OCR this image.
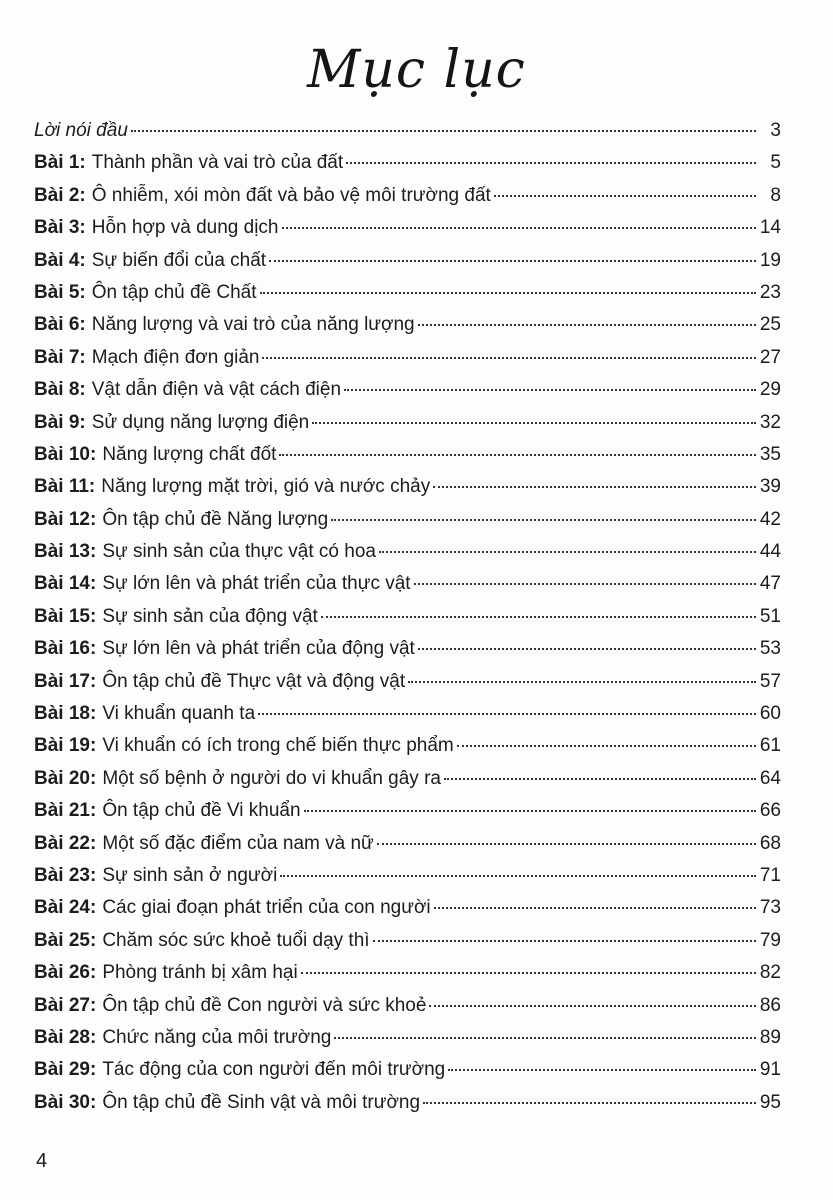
Mục lục
Lời nói đầu	3
Bài 1: Thành phần và vai trò của đất	5
Bài 2: Ô nhiễm, xói mòn đất và bảo vệ môi trường đất	8
Bài 3: Hỗn hợp và dung dịch	14
Bài 4: Sự biến đổi của chất	19
Bài 5: Ôn tập chủ đề Chất	23
Bài 6: Năng lượng và vai trò của năng lượng	25
Bài 7: Mạch điện đơn giản	27
Bài 8: Vật dẫn điện và vật cách điện	29
Bài 9: Sử dụng năng lượng điện	32
Bài 10: Năng lượng chất đốt	35
Bài 11: Năng lượng mặt trời, gió và nước chảy	39
Bài 12: Ôn tập chủ đề Năng lượng	42
Bài 13: Sự sinh sản của thực vật có hoa	44
Bài 14: Sự lớn lên và phát triển của thực vật	47
Bài 15: Sự sinh sản của động vật	51
Bài 16: Sự lớn lên và phát triển của động vật	53
Bài 17: Ôn tập chủ đề Thực vật và động vật	57
Bài 18: Vi khuẩn quanh ta	60
Bài 19: Vi khuẩn có ích trong chế biến thực phẩm	61
Bài 20: Một số bệnh ở người do vi khuẩn gây ra	64
Bài 21: Ôn tập chủ đề Vi khuẩn	66
Bài 22: Một số đặc điểm của nam và nữ	68
Bài 23: Sự sinh sản ở người	71
Bài 24: Các giai đoạn phát triển của con người	73
Bài 25: Chăm sóc sức khoẻ tuổi dạy thì	79
Bài 26: Phòng tránh bị xâm hại	82
Bài 27: Ôn tập chủ đề Con người và sức khoẻ	86
Bài 28: Chức năng của môi trường	89
Bài 29: Tác động của con người đến môi trường	91
Bài 30: Ôn tập chủ đề Sinh vật và môi trường	95
4
